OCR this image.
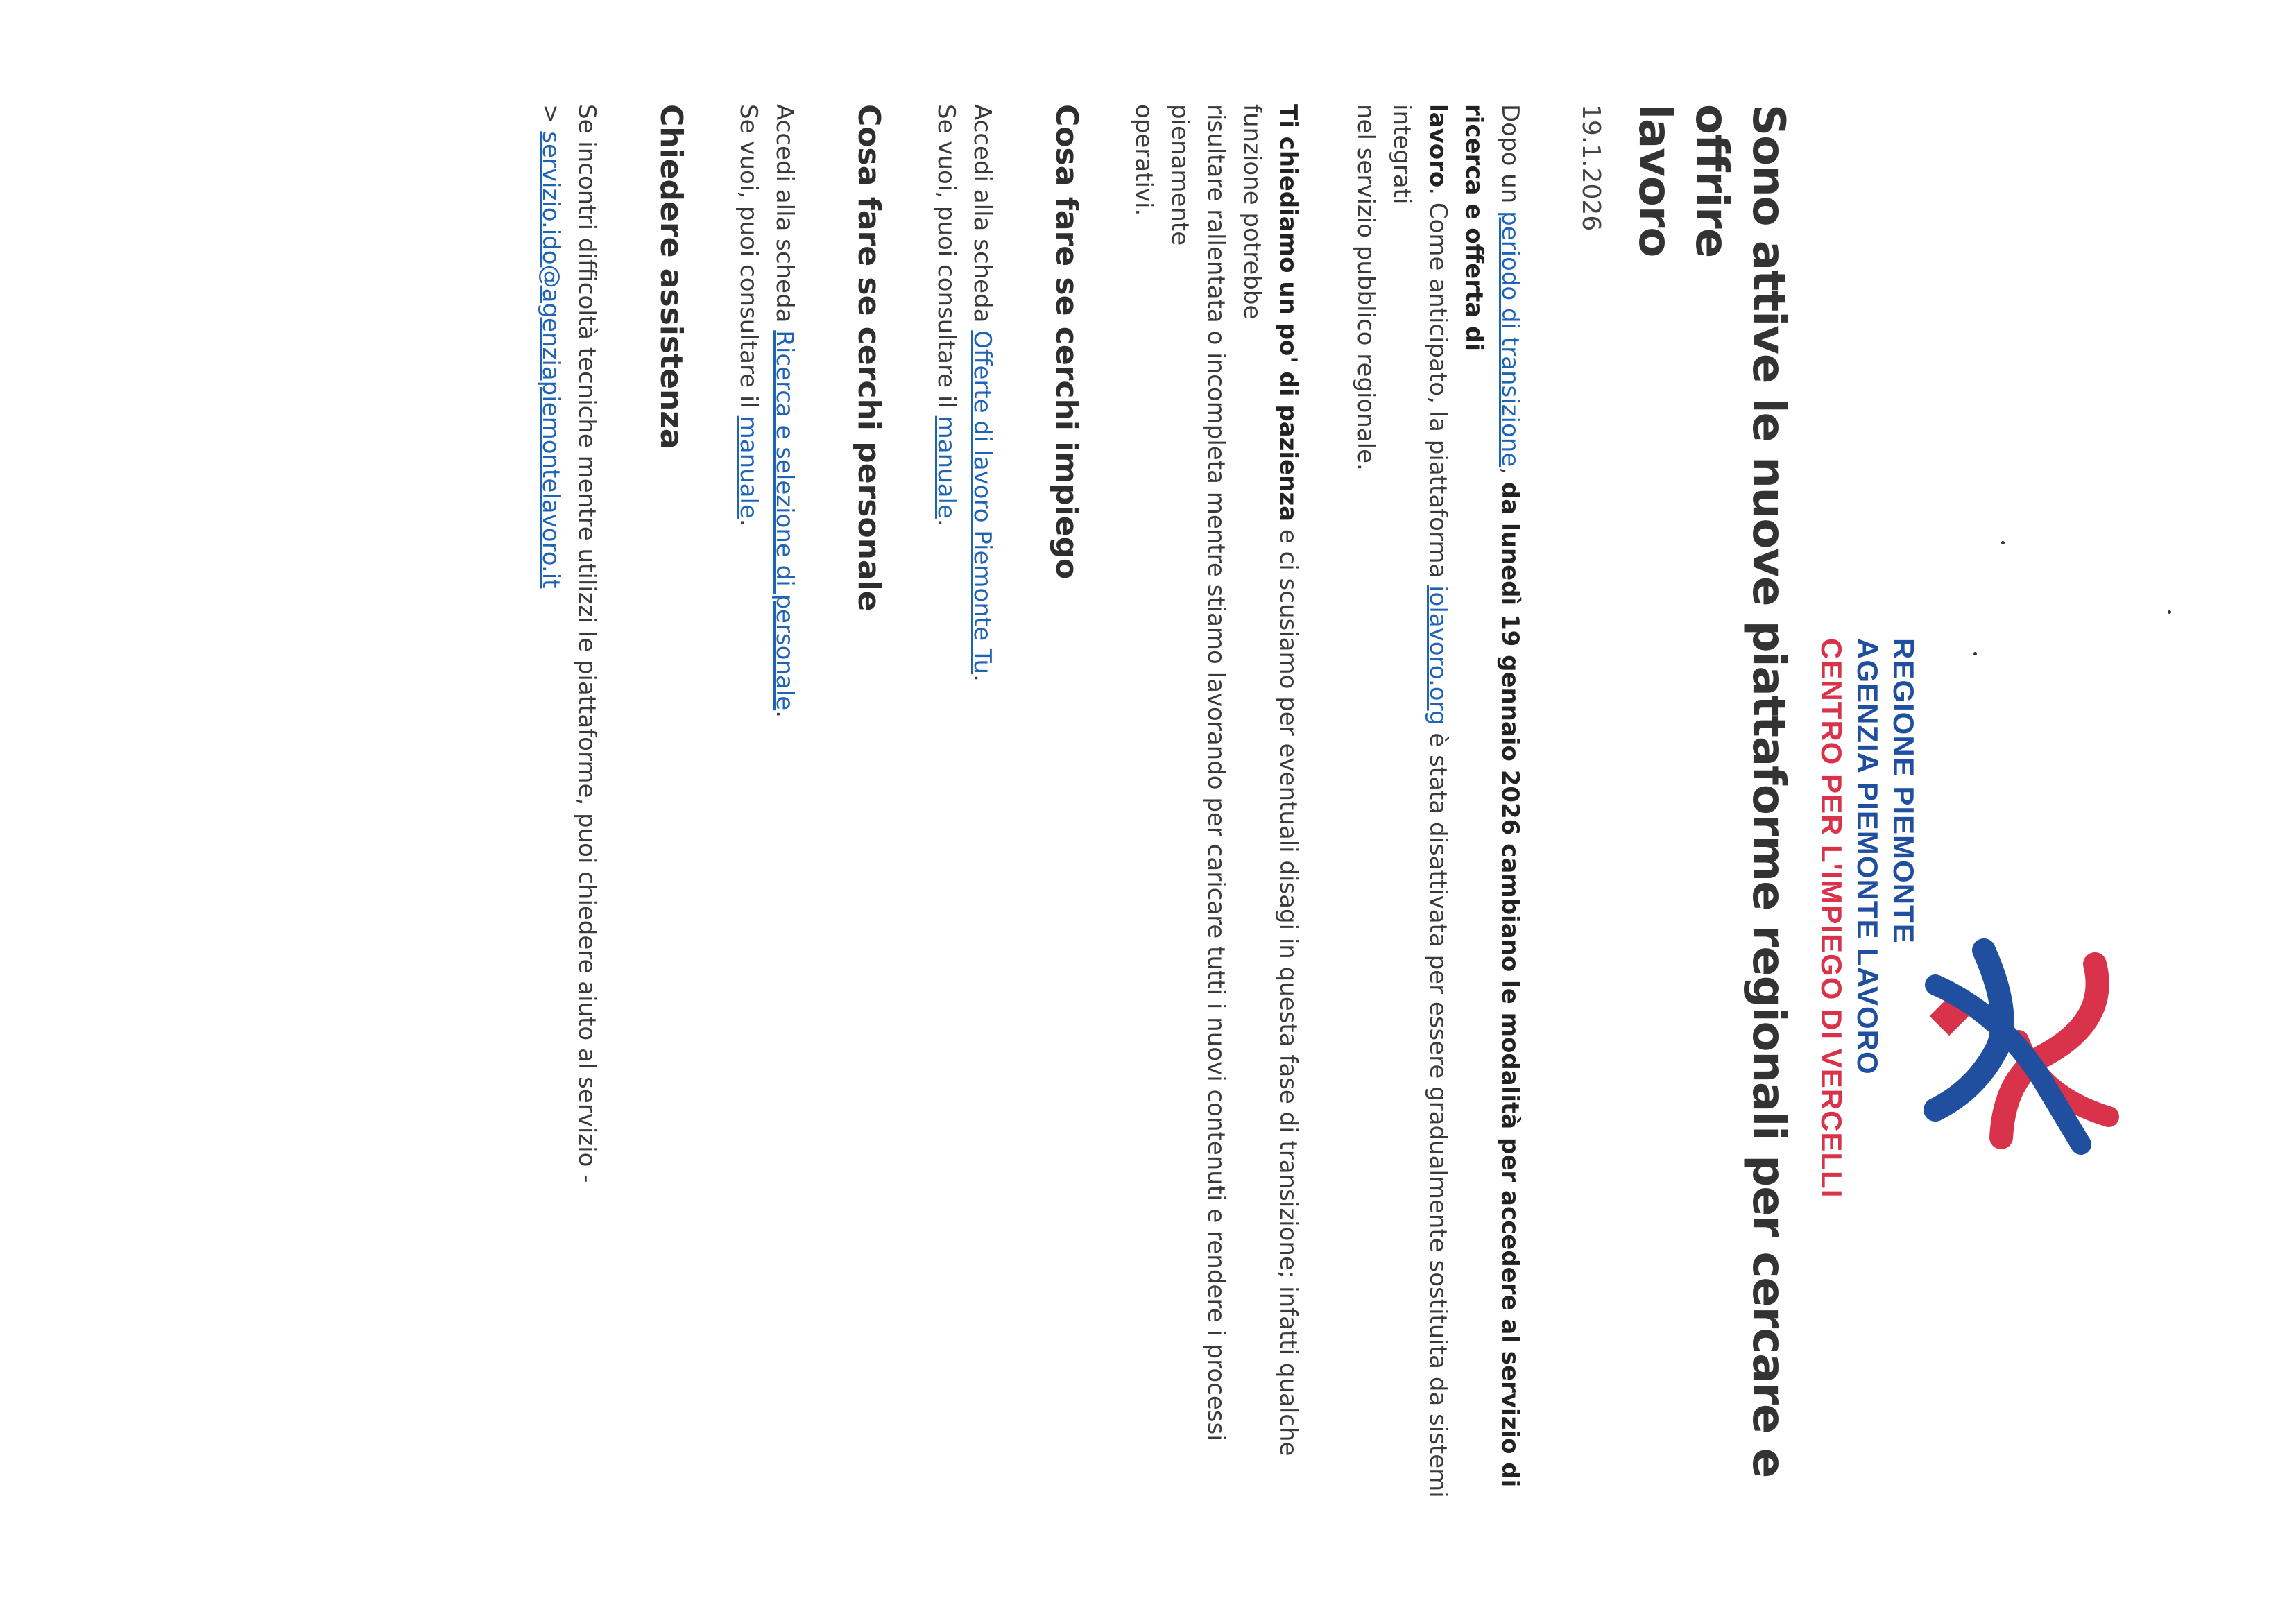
REGIONE PIEMONTE
AGENZIA PIEMONTE LAVORO
CENTRO PER L'IMPIEGO DI VERCELLI
Sono attive le nuove piattaforme regionali per cercare e offrire
lavoro
19.1.2026

Dopo un periodo di transizione, da lunedì 19 gennaio 2026 cambiano le modalità per accedere al servizio di ricerca e offerta di
lavoro. Come anticipato, la piattaforma iolavoro.org è stata disattivata per essere gradualmente sostituita da sistemi integrati
nel servizio pubblico regionale.

Ti chiediamo un po' di pazienza e ci scusiamo per eventuali disagi in questa fase di transizione; infatti qualche funzione potrebbe
risultare rallentata o incompleta mentre stiamo lavorando per caricare tutti i nuovi contenuti e rendere i processi pienamente
operativi.

Cosa fare se cerchi impiego
Accedi alla scheda Offerte di lavoro Piemonte Tu.
Se vuoi, puoi consultare il manuale.
Cosa fare se cerchi personale
Accedi alla scheda Ricerca e selezione di personale.
Se vuoi, puoi consultare il manuale.
Chiedere assistenza
Se incontri difficoltà tecniche mentre utilizzi le piattaforme, puoi chiedere aiuto al servizio -
> servizio.ido@agenziapiemontelavoro.it
